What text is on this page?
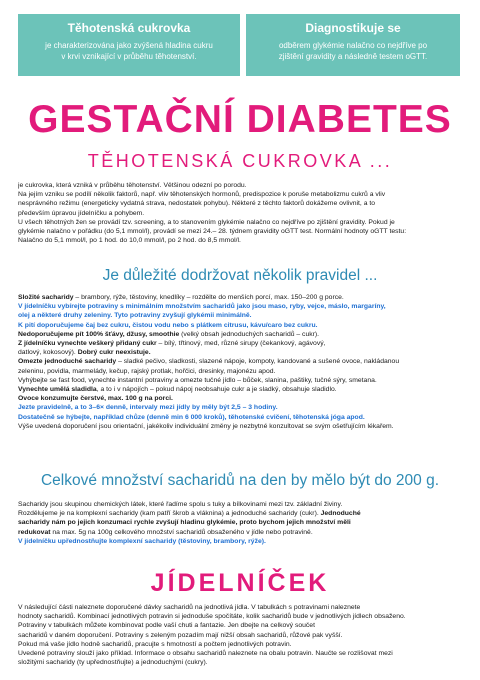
Těhotenská cukrovka
je charakterizována jako zvýšená hladina cukru
v krvi vznikající v průběhu těhotenství.
Diagnostikuje se
odběrem glykémie nalačno co nejdříve po
zjištění gravidity a následně testem oGTT.
GESTAČNÍ DIABETES
TĚHOTENSKÁ CUKROVKA ...
je cukrovka, která vzniká v průběhu těhotenství. Většinou odezní po porodu.
Na jejím vzniku se podílí několik faktorů, např. vliv těhotenských hormonů, predispozice k poruše metabolizmu cukrů a vliv
nesprávného režimu (energeticky vydatná strava, nedostatek pohybu). Některé z těchto faktorů dokážeme ovlivnit, a to
především úpravou jídelníčku a pohybem.
U všech těhotných žen se provádí tzv. screening, a to stanovením glykémie nalačno co nejdříve po zjištění gravidity. Pokud je
glykémie nalačno v pořádku (do 5,1 mmol/l), provádí se mezi 24.– 28. týdnem gravidity oGTT test. Normální hodnoty oGTT testu:
Nalačno do 5,1 mmol/l, po 1 hod. do 10,0 mmol/l, po 2 hod. do 8,5 mmol/l.
Je důležité dodržovat několik pravidel ...
Složité sacharidy – brambory, rýže, těstoviny, knedlíky – rozdělte do menších porcí, max. 150–200 g porce.
V jídelníčku vybírejte potraviny s minimálním množstvím sacharidů jako jsou maso, ryby, vejce, máslo, margaríny,
olej a některé druhy zeleniny. Tyto potraviny zvyšují glykémii minimálně.
K pití doporučujeme čaj bez cukru, čistou vodu nebo s plátkem citrusu, kávu/caro bez cukru.
Nedoporučujeme pít 100% šťávy, džusy, smoothie (velký obsah jednoduchých sacharidů – cukr).
Z jídelníčku vynechte veškerý přidaný cukr – bílý, třtinový, med, různé sirupy (čekankový, agávový,
datlový, kokosový). Dobrý cukr neexistuje.
Omezte jednoduché sacharidy – sladké pečivo, sladkosti, slazené nápoje, kompoty, kandované a sušené ovoce, nakládanou
zeleninu, povidla, marmelády, kečup, rajský protlak, hořčici, dresinky, majonézu apod.
Vyhýbejte se fast food, vynechte instantní potraviny a omezte tučné jídlo – bůček, slanina, paštiky, tučné sýry, smetana.
Vynechte umělá sladidla, a to i v nápojích – pokud nápoj neobsahuje cukr a je sladký, obsahuje sladidlo.
Ovoce konzumujte čerstvé, max. 100 g na porci.
Jezte pravidelně, a to 3–6× denně, intervaly mezi jídly by měly být 2,5 – 3 hodiny.
Dostatečně se hýbejte, například chůze (denně min 6 000 kroků), těhotenské cvičení, těhotenská jóga apod.
Výše uvedená doporučení jsou orientační, jakékoliv individuální změny je nezbytné konzultovat se svým ošetřujícím lékařem.
Celkové množství sacharidů na den by mělo být do 200 g.
Sacharidy jsou skupinou chemických látek, které řadíme spolu s tuky a bílkovinami mezi tzv. základní živiny.
Rozdělujeme je na komplexní sacharidy (kam patří škrob a vláknina) a jednoduché sacharidy (cukr). Jednoduché
sacharidy nám po jejich konzumaci rychle zvyšují hladinu glykémie, proto bychom jejich množství měli
redukovat na max. 5g na 100g celkového množství sacharidů obsaženého v jídle nebo potravině.
V jídelníčku upřednostňujte komplexní sacharidy (těstoviny, brambory, rýže).
JÍDELNÍČEK
V následující části naleznete doporučené dávky sacharidů na jednotlivá jídla. V tabulkách s potravinami naleznete
hodnoty sacharidů. Kombinací jednotlivých potravin si jednoduše spočítáte, kolik sacharidů bude v jednotlivých jídlech obsaženo.
Potraviny v tabulkách můžete kombinovat podle vaší chuti a fantazie. Jen dbejte na celkový součet
sacharidů v daném doporučení. Potraviny s zeleným pozadím mají nižší obsah sacharidů, růžové pak vyšší.
Pokud má vaše jídlo hodně sacharidů, pracujte s hmotností a počtem jednotlivých potravin.
Uvedené potraviny slouží jako příklad. Informace o obsahu sacharidů naleznete na obalu potravin. Naučte se rozlišovat mezi
složitými sacharidy (ty upřednostňujte) a jednoduchými (cukry).
